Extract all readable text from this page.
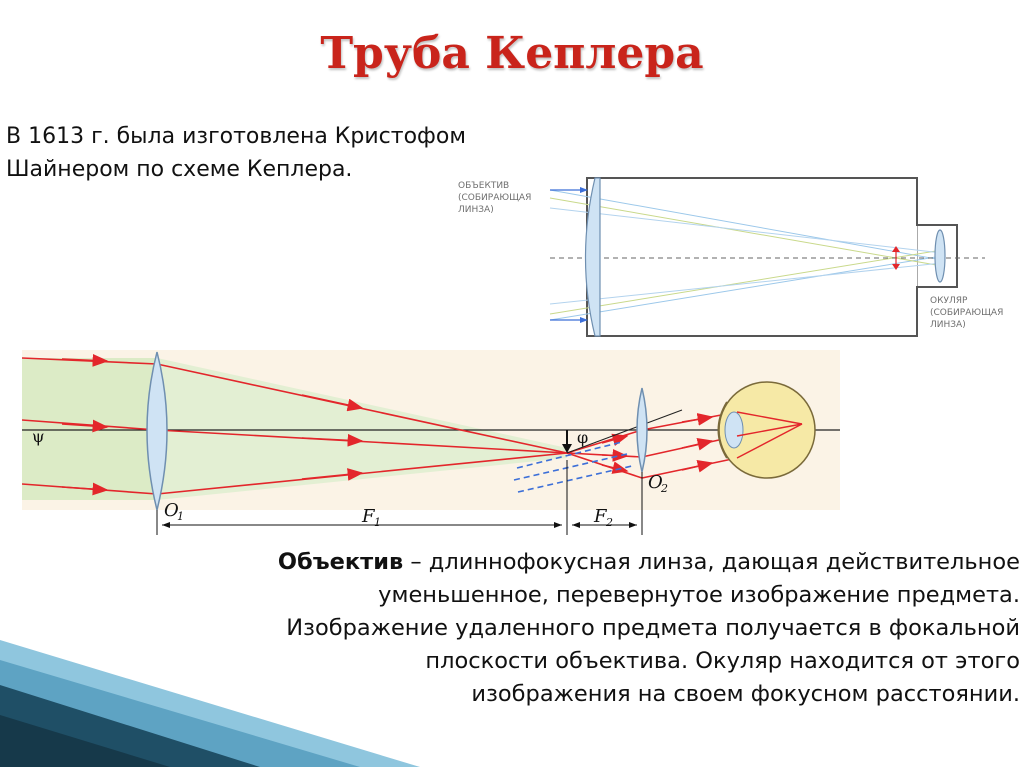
Труба Кеплера
В 1613 г. была изготовлена Кристофом Шайнером по схеме Кеплера.
ОБЪЕКТИВ
(СОБИРАЮЩАЯ
ЛИНЗА)
ОКУЛЯР
(СОБИРАЮЩАЯ
ЛИНЗА)
ψ	φ
O
1
O
2
F 1	F 2
Объектив – длиннофокусная линза, дающая действительное
уменьшенное, перевернутое изображение предмета.
Изображение удаленного предмета получается в фокальной
плоскости объектива. Окуляр находится от этого
изображения на своем фокусном расстоянии.
